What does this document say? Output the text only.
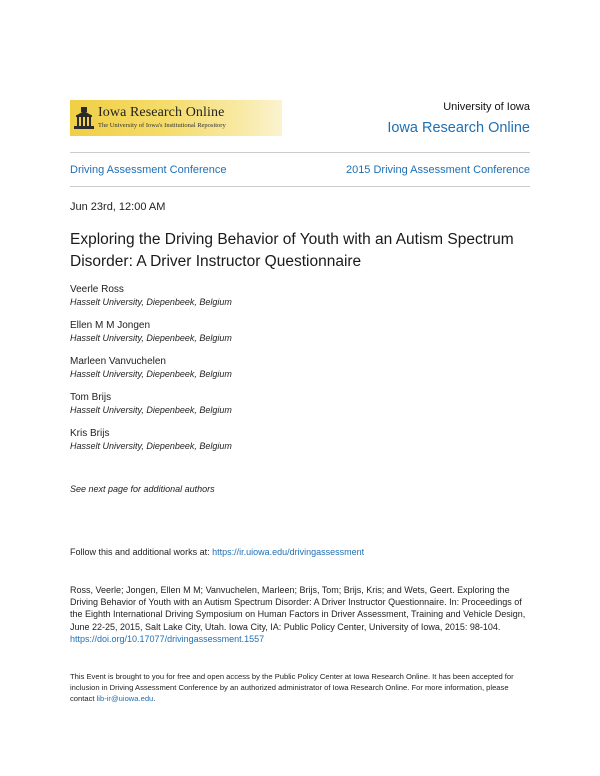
Iowa Research Online
The University of Iowa's Institutional Repository
University of Iowa
Iowa Research Online
Driving Assessment Conference	2015 Driving Assessment Conference
Jun 23rd, 12:00 AM
Exploring the Driving Behavior of Youth with an Autism Spectrum Disorder: A Driver Instructor Questionnaire
Veerle Ross
Hasselt University, Diepenbeek, Belgium
Ellen M M Jongen
Hasselt University, Diepenbeek, Belgium
Marleen Vanvuchelen
Hasselt University, Diepenbeek, Belgium
Tom Brijs
Hasselt University, Diepenbeek, Belgium
Kris Brijs
Hasselt University, Diepenbeek, Belgium
See next page for additional authors
Follow this and additional works at: https://ir.uiowa.edu/drivingassessment
Ross, Veerle; Jongen, Ellen M M; Vanvuchelen, Marleen; Brijs, Tom; Brijs, Kris; and Wets, Geert. Exploring the Driving Behavior of Youth with an Autism Spectrum Disorder: A Driver Instructor Questionnaire. In: Proceedings of the Eighth International Driving Symposium on Human Factors in Driver Assessment, Training and Vehicle Design, June 22-25, 2015, Salt Lake City, Utah. Iowa City, IA: Public Policy Center, University of Iowa, 2015: 98-104. https://doi.org/10.17077/drivingassessment.1557
This Event is brought to you for free and open access by the Public Policy Center at Iowa Research Online. It has been accepted for inclusion in Driving Assessment Conference by an authorized administrator of Iowa Research Online. For more information, please contact lib-ir@uiowa.edu.
